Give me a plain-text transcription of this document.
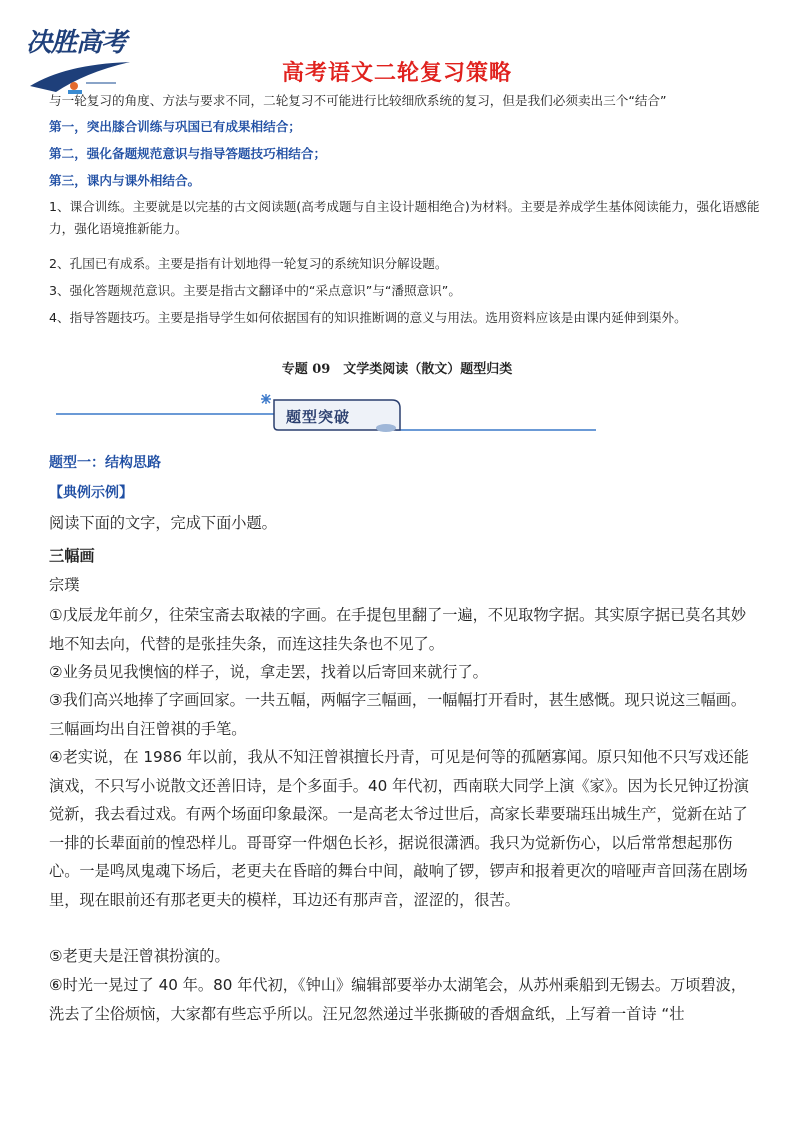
决胜高考
高考语文二轮复习策略
与一轮复习的角度、方法与要求不同，二轮复习不可能进行比较细欣系统的复习，但是我们必须卖出三个“结合”
第一，突出膝合训练与巩国已有成果相结合；
第二，强化备题规范意识与指导答题技巧相结合；
第三，课内与课外相结合。
1、课合训练。主要就是以完基的古文阅读题(高考成题与自主设计题相绝合)为材料。主要是养成学生基体阅读能力，强化语感能力，强化语境推新能力。
2、孔国已有成系。主要是指有计划地得一轮复习的系统知识分解设题。
3、强化答题规范意识。主要是指古文翻译中的“采点意识”与“潘照意识”。
4、指导答题技巧。主要是指导学生如何依据国有的知识推断调的意义与用法。选用资料应该是由课内延伸到渠外。
专题 09　文学类阅读（散文）题型归类
题型突破
题型一：结构思路
【典例示例】
阅读下面的文字，完成下面小题。
三幅画
宗璞
①戊辰龙年前夕，往荣宝斋去取裱的字画。在手提包里翻了一遍，不见取物字据。其实原字据已莫名其妙地不知去向，代替的是张挂失条，而连这挂失条也不见了。
②业务员见我懊恼的样子，说，拿走罢，找着以后寄回来就行了。
③我们高兴地捧了字画回家。一共五幅，两幅字三幅画，一幅幅打开看时，甚生感慨。现只说这三幅画。三幅画均出自汪曾祺的手笔。
④老实说，在 1986 年以前，我从不知汪曾祺擅长丹青，可见是何等的孤陋寡闻。原只知他不只写戏还能演戏，不只写小说散文还善旧诗，是个多面手。40 年代初，西南联大同学上演《家》。因为长兄钟辽扮演觉新，我去看过戏。有两个场面印象最深。一是高老太爷过世后，高家长辈要瑞珏出城生产，觉新在站了一排的长辈面前的惶恐样儿。哥哥穿一件烟色长衫，据说很潇洒。我只为觉新伤心，以后常常想起那伤心。一是鸣凤鬼魂下场后，老更夫在昏暗的舞台中间，敲响了锣，锣声和报着更次的喑哑声音回荡在剧场里，现在眼前还有那老更夫的模样，耳边还有那声音，涩涩的，很苦。
⑤老更夫是汪曾祺扮演的。
⑥时光一晃过了 40 年。80 年代初，《钟山》编辑部要举办太湖笔会，从苏州乘船到无锡去。万顷碧波，洗去了尘俗烦恼，大家都有些忘乎所以。汪兄忽然递过半张撕破的香烟盒纸，上写着一首诗 “壮
